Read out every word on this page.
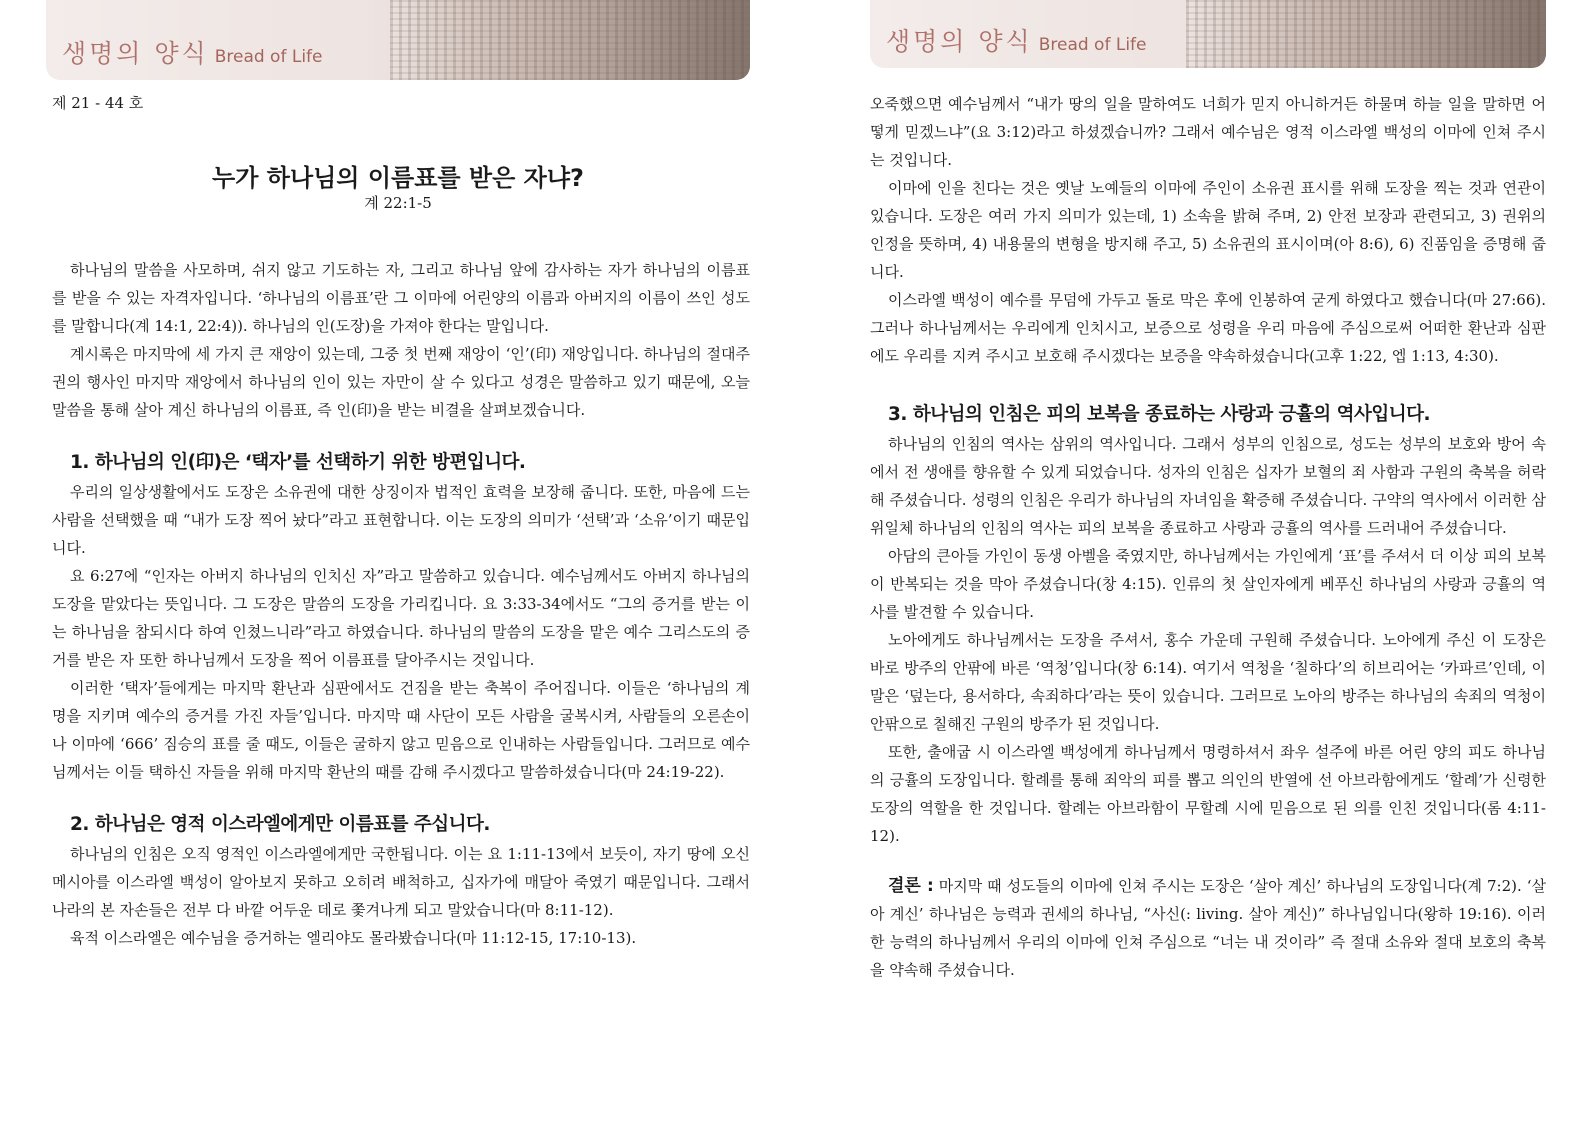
생명의 양식 Bread of Life
제 21 - 44 호
누가 하나님의 이름표를 받은 자냐?
계 22:1-5

하나님의 말씀을 사모하며, 쉬지 않고 기도하는 자, 그리고 하나님 앞에 감사하는 자가 하나님의 이름표를 받을 수 있는 자격자입니다. ‘하나님의 이름표’란 그 이마에 어린양의 이름과 아버지의 이름이 쓰인 성도를 말합니다(계 14:1, 22:4)). 하나님의 인(도장)을 가져야 한다는 말입니다.

계시록은 마지막에 세 가지 큰 재앙이 있는데, 그중 첫 번째 재앙이 ‘인’(印) 재앙입니다. 하나님의 절대주권의 행사인 마지막 재앙에서 하나님의 인이 있는 자만이 살 수 있다고 성경은 말씀하고 있기 때문에, 오늘 말씀을 통해 살아 계신 하나님의 이름표, 즉 인(印)을 받는 비결을 살펴보겠습니다.

1. 하나님의 인(印)은 ‘택자’를 선택하기 위한 방편입니다.

우리의 일상생활에서도 도장은 소유권에 대한 상징이자 법적인 효력을 보장해 줍니다. 또한, 마음에 드는 사람을 선택했을 때 “내가 도장 찍어 놨다”라고 표현합니다. 이는 도장의 의미가 ‘선택’과 ‘소유’이기 때문입니다.

요 6:27에 “인자는 아버지 하나님의 인치신 자”라고 말씀하고 있습니다. 예수님께서도 아버지 하나님의 도장을 맡았다는 뜻입니다. 그 도장은 말씀의 도장을 가리킵니다. 요 3:33-34에서도 “그의 증거를 받는 이는 하나님을 참되시다 하여 인쳤느니라”라고 하였습니다. 하나님의 말씀의 도장을 맡은 예수 그리스도의 증거를 받은 자 또한 하나님께서 도장을 찍어 이름표를 달아주시는 것입니다.

이러한 ‘택자’들에게는 마지막 환난과 심판에서도 건짐을 받는 축복이 주어집니다. 이들은 ‘하나님의 계명을 지키며 예수의 증거를 가진 자들’입니다. 마지막 때 사단이 모든 사람을 굴복시켜, 사람들의 오른손이나 이마에 ‘666’ 짐승의 표를 줄 때도, 이들은 굴하지 않고 믿음으로 인내하는 사람들입니다. 그러므로 예수님께서는 이들 택하신 자들을 위해 마지막 환난의 때를 감해 주시겠다고 말씀하셨습니다(마 24:19-22).

2. 하나님은 영적 이스라엘에게만 이름표를 주십니다.

하나님의 인침은 오직 영적인 이스라엘에게만 국한됩니다. 이는 요 1:11-13에서 보듯이, 자기 땅에 오신 메시아를 이스라엘 백성이 알아보지 못하고 오히려 배척하고, 십자가에 매달아 죽였기 때문입니다. 그래서 나라의 본 자손들은 전부 다 바깥 어두운 데로 쫓겨나게 되고 말았습니다(마 8:11-12).

육적 이스라엘은 예수님을 증거하는 엘리야도 몰라봤습니다(마 11:12-15, 17:10-13).

생명의 양식 Bread of Life

오죽했으면 예수님께서 “내가 땅의 일을 말하여도 너희가 믿지 아니하거든 하물며 하늘 일을 말하면 어떻게 믿겠느냐”(요 3:12)라고 하셨겠습니까? 그래서 예수님은 영적 이스라엘 백성의 이마에 인쳐 주시는 것입니다.

이마에 인을 친다는 것은 옛날 노예들의 이마에 주인이 소유권 표시를 위해 도장을 찍는 것과 연관이 있습니다. 도장은 여러 가지 의미가 있는데, 1) 소속을 밝혀 주며, 2) 안전 보장과 관련되고, 3) 권위의 인정을 뜻하며, 4) 내용물의 변형을 방지해 주고, 5) 소유권의 표시이며(아 8:6), 6) 진품임을 증명해 줍니다.

이스라엘 백성이 예수를 무덤에 가두고 돌로 막은 후에 인봉하여 굳게 하였다고 했습니다(마 27:66). 그러나 하나님께서는 우리에게 인치시고, 보증으로 성령을 우리 마음에 주심으로써 어떠한 환난과 심판에도 우리를 지켜 주시고 보호해 주시겠다는 보증을 약속하셨습니다(고후 1:22, 엡 1:13, 4:30).

3. 하나님의 인침은 피의 보복을 종료하는 사랑과 긍휼의 역사입니다.

하나님의 인침의 역사는 삼위의 역사입니다. 그래서 성부의 인침으로, 성도는 성부의 보호와 방어 속에서 전 생애를 향유할 수 있게 되었습니다. 성자의 인침은 십자가 보혈의 죄 사함과 구원의 축복을 허락해 주셨습니다. 성령의 인침은 우리가 하나님의 자녀임을 확증해 주셨습니다. 구약의 역사에서 이러한 삼위일체 하나님의 인침의 역사는 피의 보복을 종료하고 사랑과 긍휼의 역사를 드러내어 주셨습니다.

아담의 큰아들 가인이 동생 아벨을 죽였지만, 하나님께서는 가인에게 ‘표’를 주셔서 더 이상 피의 보복이 반복되는 것을 막아 주셨습니다(창 4:15). 인류의 첫 살인자에게 베푸신 하나님의 사랑과 긍휼의 역사를 발견할 수 있습니다.

노아에게도 하나님께서는 도장을 주셔서, 홍수 가운데 구원해 주셨습니다. 노아에게 주신 이 도장은 바로 방주의 안팎에 바른 ‘역청’입니다(창 6:14). 여기서 역청을 ‘칠하다’의 히브리어는 ‘카파르’인데, 이 말은 ‘덮는다, 용서하다, 속죄하다’라는 뜻이 있습니다. 그러므로 노아의 방주는 하나님의 속죄의 역청이 안팎으로 칠해진 구원의 방주가 된 것입니다.

또한, 출애굽 시 이스라엘 백성에게 하나님께서 명령하셔서 좌우 설주에 바른 어린 양의 피도 하나님의 긍휼의 도장입니다. 할례를 통해 죄악의 피를 뽑고 의인의 반열에 선 아브라함에게도 ‘할례’가 신령한 도장의 역할을 한 것입니다. 할례는 아브라함이 무할례 시에 믿음으로 된 의를 인친 것입니다(롬 4:11-12).

결론 : 마지막 때 성도들의 이마에 인쳐 주시는 도장은 ‘살아 계신’ 하나님의 도장입니다(계 7:2). ‘살아 계신’ 하나님은 능력과 권세의 하나님, “사신(: living. 살아 계신)” 하나님입니다(왕하 19:16). 이러한 능력의 하나님께서 우리의 이마에 인쳐 주심으로 “너는 내 것이라” 즉 절대 소유와 절대 보호의 축복을 약속해 주셨습니다.
